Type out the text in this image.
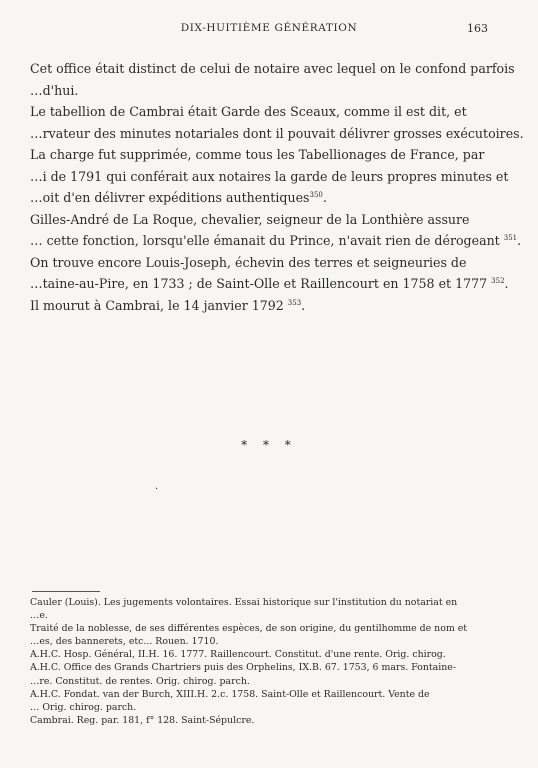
DIX-HUITIÈME GÉNÉRATION	163
Cet office était distinct de celui de notaire avec lequel on le confond parfois
…d'hui.
Le tabellion de Cambrai était Garde des Sceaux, comme il est dit, et
…rvateur des minutes notariales dont il pouvait délivrer grosses exécutoires.
La charge fut supprimée, comme tous les Tabellionages de France, par
…i de 1791 qui conférait aux notaires la garde de leurs propres minutes et
…oit d'en délivrer expéditions authentiques$^{350}$.
Gilles-André de La Roque, chevalier, seigneur de la Lonthière assure
… cette fonction, lorsqu'elle émanait du Prince, n'avait rien de dérogeant $^{351}$.
On trouve encore Louis-Joseph, échevin des terres et seigneuries de
…taine-au-Pire, en 1733 ; de Saint-Olle et Raillencourt en 1758 et 1777 $^{352}$.
Il mourut à Cambrai, le 14 janvier 1792 $^{353}$.
* * *
·
Cauler (Louis). Les jugements volontaires. Essai historique sur l'institution du notariat en
…e.
Traité de la noblesse, de ses différentes espèces, de son origine, du gentilhomme de nom et
…es, des bannerets, etc... Rouen. 1710.
A.H.C. Hosp. Général, II.H. 16. 1777. Raillencourt. Constitut. d'une rente. Orig. chirog.
A.H.C. Office des Grands Chartriers puis des Orphelins, IX.B. 67. 1753, 6 mars. Fontaine-
…re. Constitut. de rentes. Orig. chirog. parch.
A.H.C. Fondat. van der Burch, XIII.H. 2.c. 1758. Saint-Olle et Raillencourt. Vente de
… Orig. chirog. parch.
Cambrai. Reg. par. 181, f° 128. Saint-Sépulcre.
